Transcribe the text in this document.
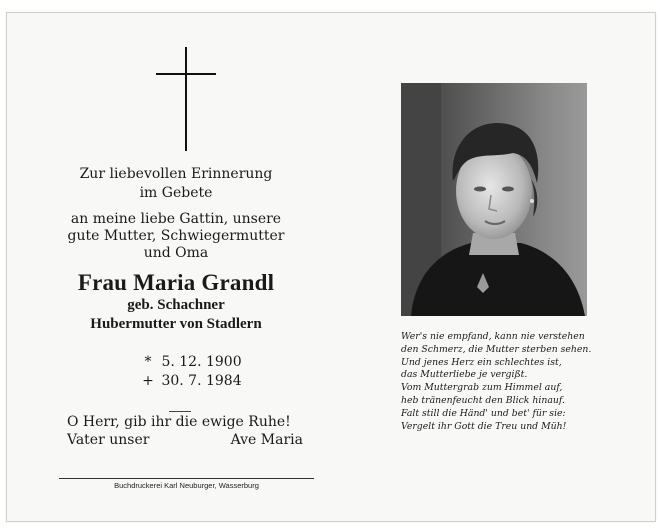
Zur liebevollen Erinnerung
im Gebete
an meine liebe Gattin, unsere
gute Mutter, Schwiegermutter
und Oma
Frau Maria Grandl
geb. Schachner
Hubermutter von Stadlern
* 5. 12. 1900
+ 30. 7. 1984
O Herr, gib ihr die ewige Ruhe!
Vater unser	Ave Maria
Buchdruckerei Karl Neuburger, Wasserburg
Wer's nie empfand, kann nie verstehen
den Schmerz, die Mutter sterben sehen.
Und jenes Herz ein schlechtes ist,
das Mutterliebe je vergißt.
Vom Muttergrab zum Himmel auf,
heb tränenfeucht den Blick hinauf.
Falt still die Händ' und bet' für sie:
Vergelt ihr Gott die Treu und Müh!
